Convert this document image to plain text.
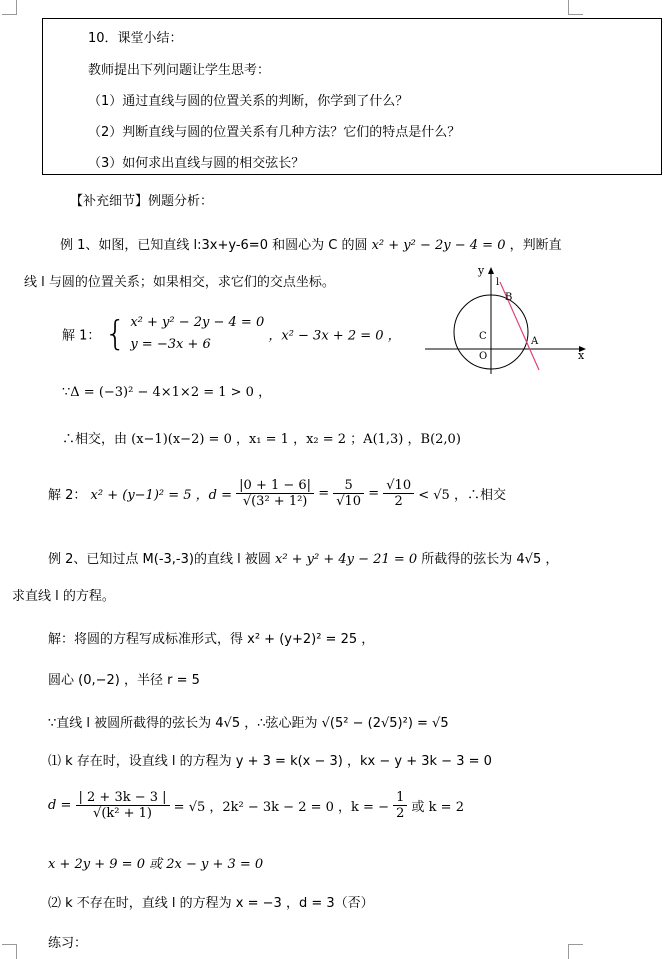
10．课堂小结：
教师提出下列问题让学生思考：
（1）通过直线与圆的位置关系的判断，你学到了什么？
（2）判断直线与圆的位置关系有几种方法？它们的特点是什么？
（3）如何求出直线与圆的相交弦长？
【补充细节】例题分析：
例 1、如图，已知直线 l:3x+y-6=0 和圆心为 C 的圆 x² + y² − 2y − 4 = 0 ，判断直
线 l 与圆的位置关系；如果相交，求它们的交点坐标。
解 1： { x² + y² − 2y − 4 = 0
y = −3x + 6
，x² − 3x + 2 = 0 ，
∵Δ = (−3)² − 4×1×2 = 1 > 0 ，
∴相交，由 (x−1)(x−2) = 0 ，x₁ = 1 ，x₂ = 2 ；A(1,3) ，B(2,0)
解 2： x² + (y−1)² = 5 ，$d = \frac{|0 + 1 - 6|}{\text{√(3² + 1²)}} = \frac{5}{√10} = \frac{√10}{2} < √5$ ，∴相交
y
x
l
B
A
C
O
例 2、已知过点 M(-3,-3)的直线 l 被圆 x² + y² + 4y − 21 = 0 所截得的弦长为 4√5 ，
求直线 l 的方程。
解：将圆的方程写成标准形式，得 x² + (y+2)² = 25 ，
圆心 (0,−2) ，半径 r = 5
∵直线 l 被圆所截得的弦长为 4√5 ，∴弦心距为 √(5² − (2√5)²) = √5
⑴ k 存在时，设直线 l 的方程为 y + 3 = k(x − 3) ，kx − y + 3k − 3 = 0
$d = \frac{| 2 + 3k - 3 |}{\text{√(k² + 1)}} = √5$ ，2k² − 3k − 2 = 0 ，k = − $\frac{1}{2}$ 或 k = 2
x + 2y + 9 = 0 或 2x − y + 3 = 0
⑵ k 不存在时，直线 l 的方程为 x = −3 ，d = 3（否）
练习：
